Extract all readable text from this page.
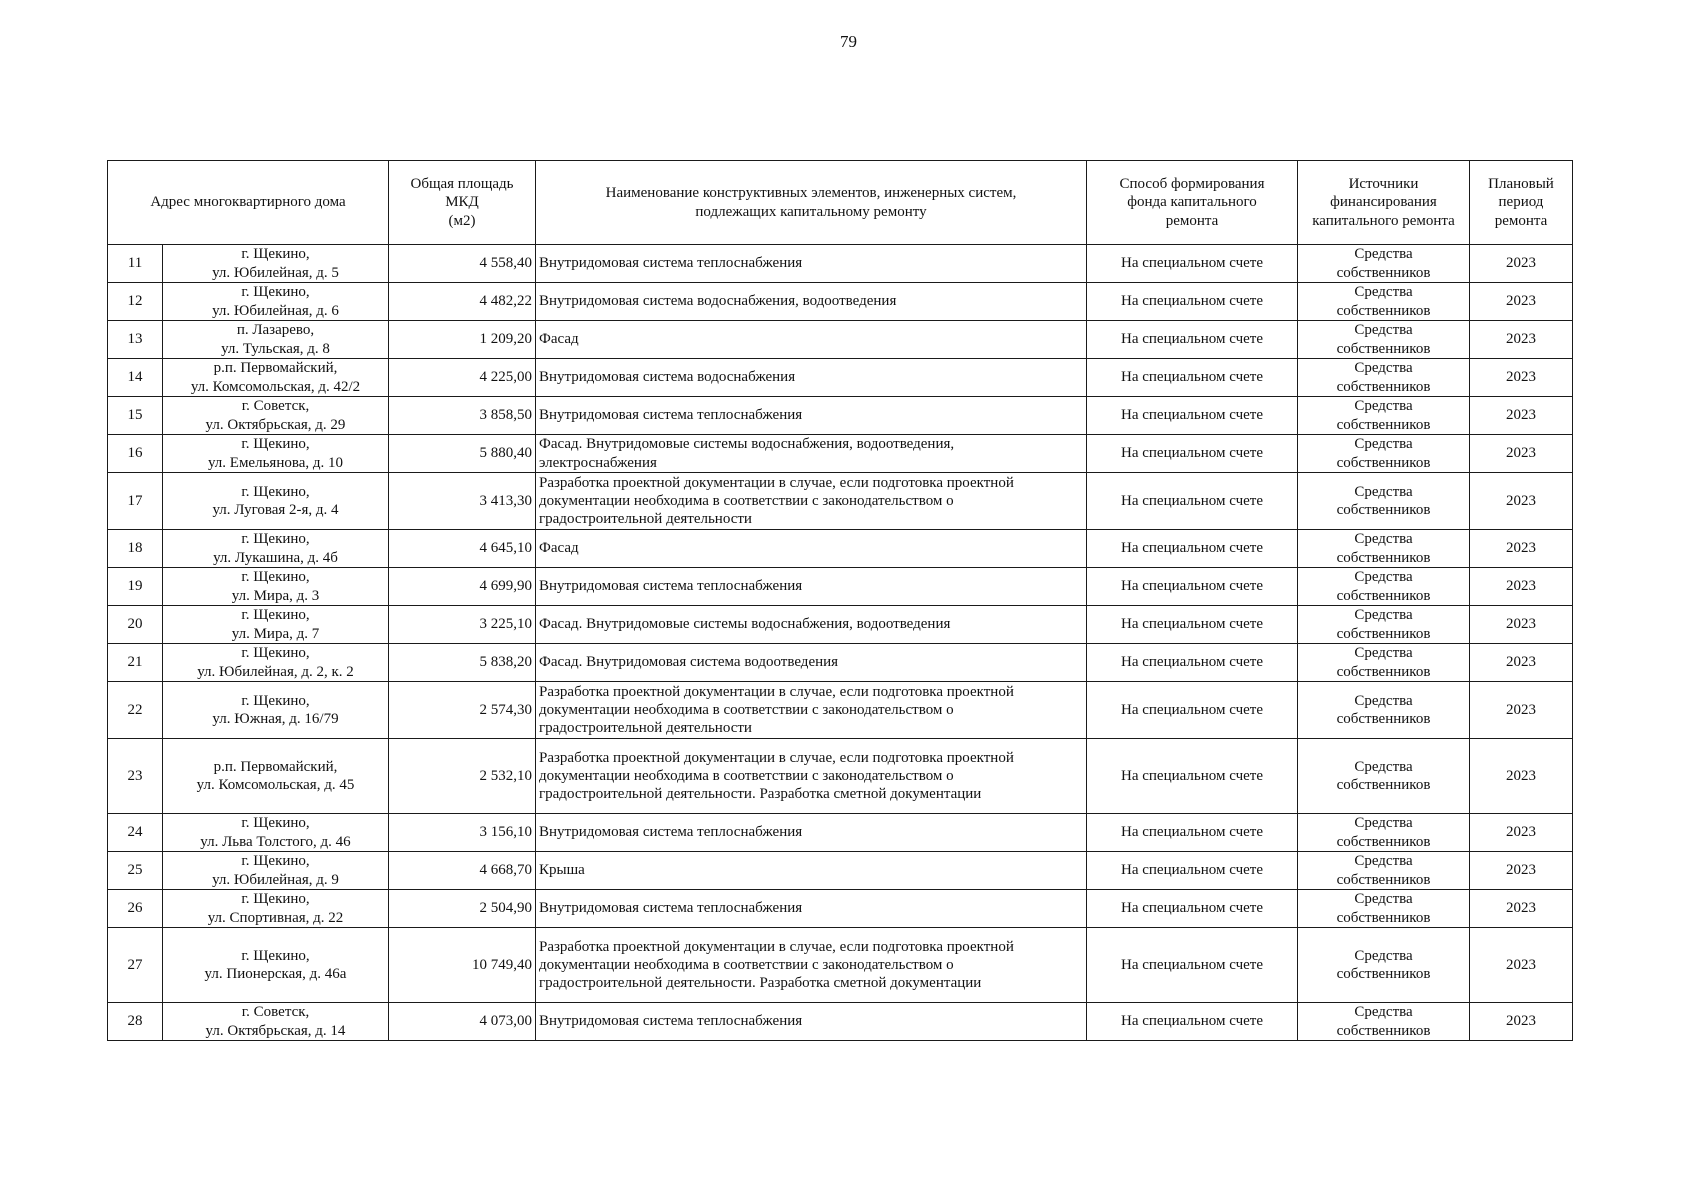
79
Адрес многоквартирного дома		Общая площадь
МКД
(м2)	Наименование конструктивных элементов, инженерных систем,
подлежащих капитальному ремонту	Способ формирования
фонда капитального
ремонта	Источники
финансирования
капитального ремонта	Плановый
период
ремонта

11	г. Щекино,
ул. Юбилейная, д. 5	4 558,40	Внутридомовая система теплоснабжения	На специальном счете	Средства
собственников	2023
12	г. Щекино,
ул. Юбилейная, д. 6	4 482,22	Внутридомовая система водоснабжения, водоотведения	На специальном счете	Средства
собственников	2023
13	п. Лазарево,
ул. Тульская, д. 8	1 209,20	Фасад	На специальном счете	Средства
собственников	2023
14	р.п. Первомайский,
ул. Комсомольская, д. 42/2	4 225,00	Внутридомовая система водоснабжения	На специальном счете	Средства
собственников	2023
15	г. Советск,
ул. Октябрьская, д. 29	3 858,50	Внутридомовая система теплоснабжения	На специальном счете	Средства
собственников	2023
16	г. Щекино,
ул. Емельянова, д. 10	5 880,40	Фасад. Внутридомовые системы водоснабжения, водоотведения,
электроснабжения	На специальном счете	Средства
собственников	2023
17	г. Щекино,
ул. Луговая 2-я, д. 4	3 413,30	Разработка проектной документации в случае, если подготовка проектной
документации необходима в соответствии с законодательством о
градостроительной деятельности	На специальном счете	Средства
собственников	2023
18	г. Щекино,
ул. Лукашина, д. 4б	4 645,10	Фасад	На специальном счете	Средства
собственников	2023
19	г. Щекино,
ул. Мира, д. 3	4 699,90	Внутридомовая система теплоснабжения	На специальном счете	Средства
собственников	2023
20	г. Щекино,
ул. Мира, д. 7	3 225,10	Фасад. Внутридомовые системы водоснабжения, водоотведения	На специальном счете	Средства
собственников	2023
21	г. Щекино,
ул. Юбилейная, д. 2, к. 2	5 838,20	Фасад. Внутридомовая система водоотведения	На специальном счете	Средства
собственников	2023
22	г. Щекино,
ул. Южная, д. 16/79	2 574,30	Разработка проектной документации в случае, если подготовка проектной
документации необходима в соответствии с законодательством о
градостроительной деятельности	На специальном счете	Средства
собственников	2023
23	р.п. Первомайский,
ул. Комсомольская, д. 45	2 532,10	Разработка проектной документации в случае, если подготовка проектной
документации необходима в соответствии с законодательством о
градостроительной деятельности. Разработка сметной документации	На специальном счете	Средства
собственников	2023
24	г. Щекино,
ул. Льва Толстого, д. 46	3 156,10	Внутридомовая система теплоснабжения	На специальном счете	Средства
собственников	2023
25	г. Щекино,
ул. Юбилейная, д. 9	4 668,70	Крыша	На специальном счете	Средства
собственников	2023
26	г. Щекино,
ул. Спортивная, д. 22	2 504,90	Внутридомовая система теплоснабжения	На специальном счете	Средства
собственников	2023
27	г. Щекино,
ул. Пионерская, д. 46а	10 749,40	Разработка проектной документации в случае, если подготовка проектной
документации необходима в соответствии с законодательством о
градостроительной деятельности. Разработка сметной документации	На специальном счете	Средства
собственников	2023
28	г. Советск,
ул. Октябрьская, д. 14	4 073,00	Внутридомовая система теплоснабжения	На специальном счете	Средства
собственников	2023
